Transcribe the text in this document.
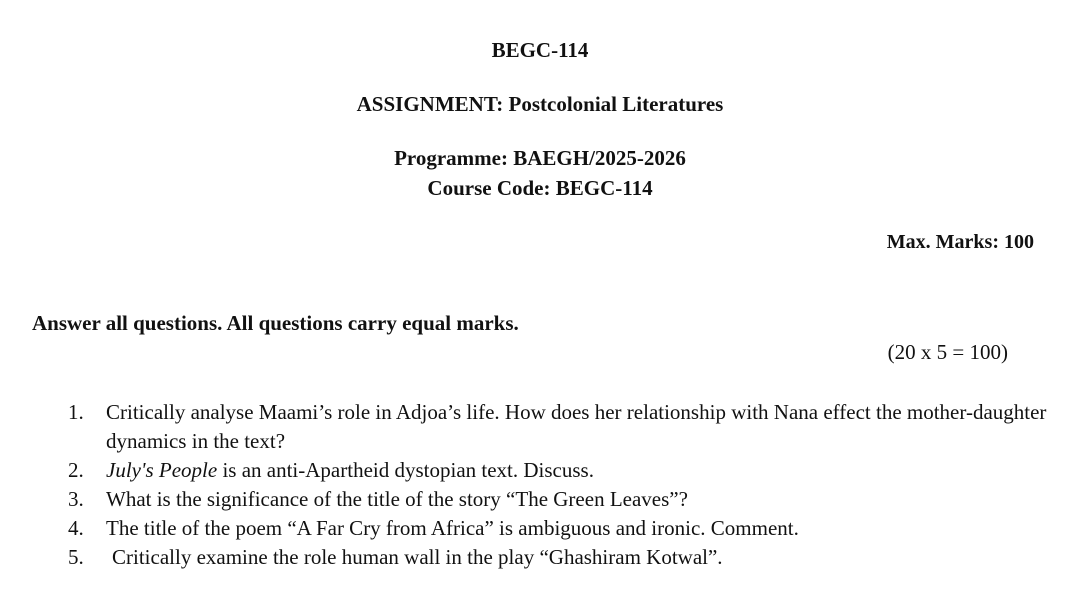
BEGC-114
ASSIGNMENT: Postcolonial Literatures
Programme: BAEGH/2025-2026
Course Code: BEGC-114
Max. Marks: 100
Answer all questions. All questions carry equal marks.
(20 x 5 = 100)
1.	Critically analyse Maami’s role in Adjoa’s life. How does her relationship with Nana effect the mother-daughter dynamics in the text?
2.	July's People is an anti-Apartheid dystopian text. Discuss.
3.	What is the significance of the title of the story “The Green Leaves”?
4.	The title of the poem “A Far Cry from Africa” is ambiguous and ironic. Comment.
5.	Critically examine the role human wall in the play “Ghashiram Kotwal”.
